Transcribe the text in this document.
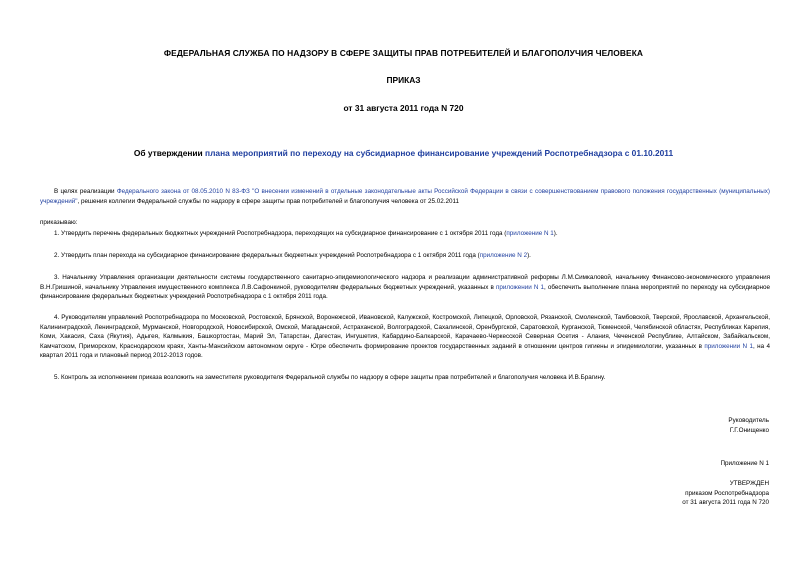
ФЕДЕРАЛЬНАЯ СЛУЖБА ПО НАДЗОРУ В СФЕРЕ ЗАЩИТЫ ПРАВ ПОТРЕБИТЕЛЕЙ И БЛАГОПОЛУЧИЯ ЧЕЛОВЕКА
ПРИКАЗ
от 31 августа 2011 года N 720
Об утверждении плана мероприятий по переходу на субсидиарное финансирование учреждений Роспотребнадзора с 01.10.2011
В целях реализации Федерального закона от 08.05.2010 N 83-ФЗ "О внесении изменений в отдельные законодательные акты Российской Федерации в связи с совершенствованием правового положения государственных (муниципальных) учреждений", решения коллегии Федеральной службы по надзору в сфере защиты прав потребителей и благополучия человека от 25.02.2011
приказываю:
1. Утвердить перечень федеральных бюджетных учреждений Роспотребнадзора, переходящих на субсидиарное финансирование с 1 октября 2011 года (приложение N 1).
2. Утвердить план перехода на субсидиарное финансирование федеральных бюджетных учреждений Роспотребнадзора с 1 октября 2011 года (приложение N 2).
3. Начальнику Управления организации деятельности системы государственного санитарно-эпидемиологического надзора и реализации административной реформы Л.М.Симкаловой, начальнику Финансово-экономического управления В.Н.Гришиной, начальнику Управления имущественного комплекса Л.В.Сафонкиной, руководителям федеральных бюджетных учреждений, указанных в приложении N 1, обеспечить выполнение плана мероприятий по переходу на субсидиарное финансирование федеральных бюджетных учреждений Роспотребнадзора с 1 октября 2011 года.
4. Руководителям управлений Роспотребнадзора по Московской, Ростовской, Брянской, Воронежской, Ивановской, Калужской, Костромской, Липецкой, Орловской, Рязанской, Смоленской, Тамбовской, Тверской, Ярославской, Архангельской, Калининградской, Ленинградской, Мурманской, Новгородской, Новосибирской, Омской, Магаданской, Астраханской, Волгоградской, Сахалинской, Оренбургской, Саратовской, Курганской, Тюменской, Челябинской областях, Республиках Карелия, Коми, Хакасия, Саха (Якутия), Адыгея, Калмыкия, Башкортостан, Марий Эл, Татарстан, Дагестан, Ингушетия, Кабардино-Балкарской, Карачаево-Черкесской Северная Осетия - Алания, Чеченской Республике, Алтайском, Забайкальском, Камчатском, Приморском, Краснодарском краях, Ханты-Мансийском автономном округе - Югре обеспечить формирование проектов государственных заданий в отношении центров гигиены и эпидемиологии, указанных в приложении N 1, на 4 квартал 2011 года и плановый период 2012-2013 годов.
5. Контроль за исполнением приказа возложить на заместителя руководителя Федеральной службы по надзору в сфере защиты прав потребителей и благополучия человека И.В.Брагину.
Руководитель
Г.Г.Онищенко
Приложение N 1
УТВЕРЖДЕН
приказом Роспотребнадзора
от 31 августа 2011 года N 720
